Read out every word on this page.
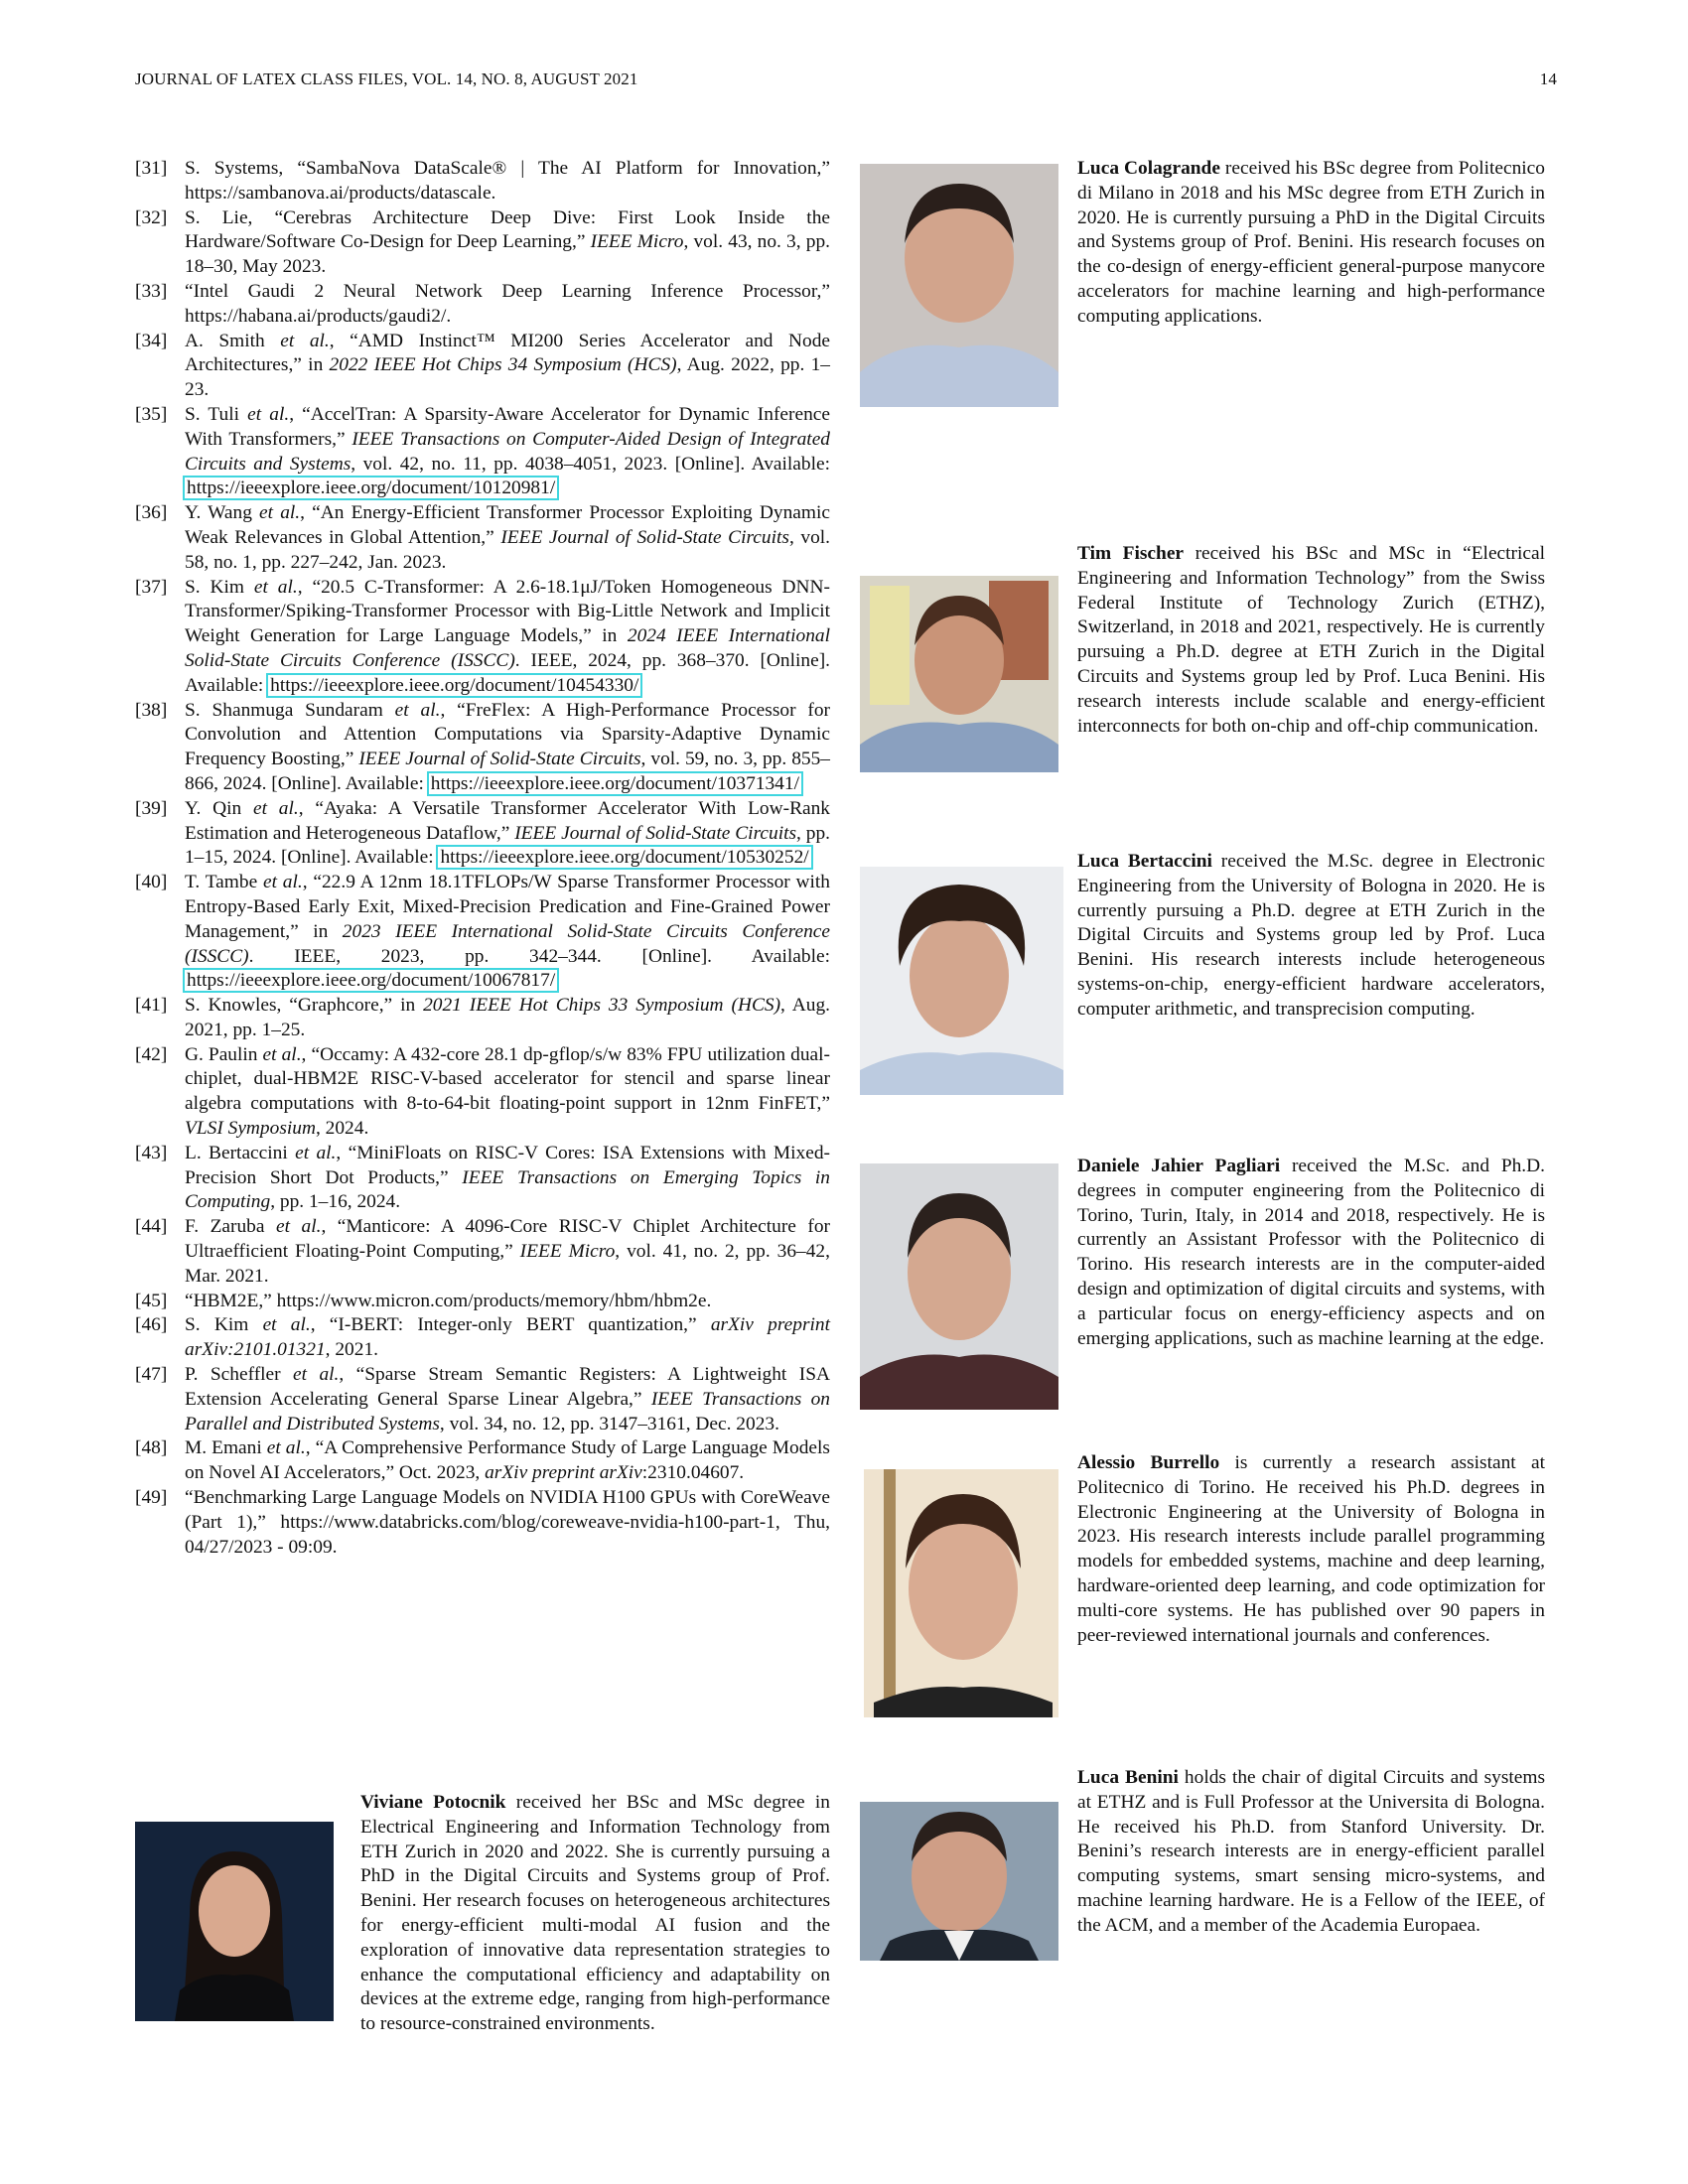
JOURNAL OF LATEX CLASS FILES, VOL. 14, NO. 8, AUGUST 2021	14
[31] S. Systems, “SambaNova DataScale® | The AI Platform for Innovation,” https://sambanova.ai/products/datascale.
[32] S. Lie, “Cerebras Architecture Deep Dive: First Look Inside the Hardware/Software Co-Design for Deep Learning,” IEEE Micro, vol. 43, no. 3, pp. 18–30, May 2023.
[33] “Intel Gaudi 2 Neural Network Deep Learning Inference Processor,” https://habana.ai/products/gaudi2/.
[34] A. Smith et al., “AMD Instinct™ MI200 Series Accelerator and Node Architectures,” in 2022 IEEE Hot Chips 34 Symposium (HCS), Aug. 2022, pp. 1–23.
[35] S. Tuli et al., “AccelTran: A Sparsity-Aware Accelerator for Dynamic Inference With Transformers,” IEEE Transactions on Computer-Aided Design of Integrated Circuits and Systems, vol. 42, no. 11, pp. 4038–4051, 2023. [Online]. Available: https://ieeexplore.ieee.org/document/10120981/
[36] Y. Wang et al., “An Energy-Efficient Transformer Processor Exploiting Dynamic Weak Relevances in Global Attention,” IEEE Journal of Solid-State Circuits, vol. 58, no. 1, pp. 227–242, Jan. 2023.
[37] S. Kim et al., “20.5 C-Transformer: A 2.6-18.1μJ/Token Homogeneous DNN-Transformer/Spiking-Transformer Processor with Big-Little Network and Implicit Weight Generation for Large Language Models,” in 2024 IEEE International Solid-State Circuits Conference (ISSCC). IEEE, 2024, pp. 368–370. [Online]. Available: https://ieeexplore.ieee.org/document/10454330/
[38] S. Shanmuga Sundaram et al., “FreFlex: A High-Performance Processor for Convolution and Attention Computations via Sparsity-Adaptive Dynamic Frequency Boosting,” IEEE Journal of Solid-State Circuits, vol. 59, no. 3, pp. 855–866, 2024. [Online]. Available: https://ieeexplore.ieee.org/document/10371341/
[39] Y. Qin et al., “Ayaka: A Versatile Transformer Accelerator With Low-Rank Estimation and Heterogeneous Dataflow,” IEEE Journal of Solid-State Circuits, pp. 1–15, 2024. [Online]. Available: https://ieeexplore.ieee.org/document/10530252/
[40] T. Tambe et al., “22.9 A 12nm 18.1TFLOPs/W Sparse Transformer Processor with Entropy-Based Early Exit, Mixed-Precision Predication and Fine-Grained Power Management,” in 2023 IEEE International Solid-State Circuits Conference (ISSCC). IEEE, 2023, pp. 342–344. [Online]. Available: https://ieeexplore.ieee.org/document/10067817/
[41] S. Knowles, “Graphcore,” in 2021 IEEE Hot Chips 33 Symposium (HCS), Aug. 2021, pp. 1–25.
[42] G. Paulin et al., “Occamy: A 432-core 28.1 dp-gflop/s/w 83% FPU utilization dual-chiplet, dual-HBM2E RISC-V-based accelerator for stencil and sparse linear algebra computations with 8-to-64-bit floating-point support in 12nm FinFET,” VLSI Symposium, 2024.
[43] L. Bertaccini et al., “MiniFloats on RISC-V Cores: ISA Extensions with Mixed-Precision Short Dot Products,” IEEE Transactions on Emerging Topics in Computing, pp. 1–16, 2024.
[44] F. Zaruba et al., “Manticore: A 4096-Core RISC-V Chiplet Architecture for Ultraefficient Floating-Point Computing,” IEEE Micro, vol. 41, no. 2, pp. 36–42, Mar. 2021.
[45] “HBM2E,” https://www.micron.com/products/memory/hbm/hbm2e.
[46] S. Kim et al., “I-BERT: Integer-only BERT quantization,” arXiv preprint arXiv:2101.01321, 2021.
[47] P. Scheffler et al., “Sparse Stream Semantic Registers: A Lightweight ISA Extension Accelerating General Sparse Linear Algebra,” IEEE Transactions on Parallel and Distributed Systems, vol. 34, no. 12, pp. 3147–3161, Dec. 2023.
[48] M. Emani et al., “A Comprehensive Performance Study of Large Language Models on Novel AI Accelerators,” Oct. 2023, arXiv preprint arXiv:2310.04607.
[49] “Benchmarking Large Language Models on NVIDIA H100 GPUs with CoreWeave (Part 1),” https://www.databricks.com/blog/coreweave-nvidia-h100-part-1, Thu, 04/27/2023 - 09:09.
Luca Colagrande received his BSc degree from Politecnico di Milano in 2018 and his MSc degree from ETH Zurich in 2020. He is currently pursuing a PhD in the Digital Circuits and Systems group of Prof. Benini. His research focuses on the co-design of energy-efficient general-purpose manycore accelerators for machine learning and high-performance computing applications.
Tim Fischer received his BSc and MSc in “Electrical Engineering and Information Technology” from the Swiss Federal Institute of Technology Zurich (ETHZ), Switzerland, in 2018 and 2021, respectively. He is currently pursuing a Ph.D. degree at ETH Zurich in the Digital Circuits and Systems group led by Prof. Luca Benini. His research interests include scalable and energy-efficient interconnects for both on-chip and off-chip communication.
Luca Bertaccini received the M.Sc. degree in Electronic Engineering from the University of Bologna in 2020. He is currently pursuing a Ph.D. degree at ETH Zurich in the Digital Circuits and Systems group led by Prof. Luca Benini. His research interests include heterogeneous systems-on-chip, energy-efficient hardware accelerators, computer arithmetic, and transprecision computing.
Daniele Jahier Pagliari received the M.Sc. and Ph.D. degrees in computer engineering from the Politecnico di Torino, Turin, Italy, in 2014 and 2018, respectively. He is currently an Assistant Professor with the Politecnico di Torino. His research interests are in the computer-aided design and optimization of digital circuits and systems, with a particular focus on energy-efficiency aspects and on emerging applications, such as machine learning at the edge.
Alessio Burrello is currently a research assistant at Politecnico di Torino. He received his Ph.D. degrees in Electronic Engineering at the University of Bologna in 2023. His research interests include parallel programming models for embedded systems, machine and deep learning, hardware-oriented deep learning, and code optimization for multi-core systems. He has published over 90 papers in peer-reviewed international journals and conferences.
Luca Benini holds the chair of digital Circuits and systems at ETHZ and is Full Professor at the Universita di Bologna. He received his Ph.D. from Stanford University. Dr. Benini’s research interests are in energy-efficient parallel computing systems, smart sensing micro-systems, and machine learning hardware. He is a Fellow of the IEEE, of the ACM, and a member of the Academia Europaea.
Viviane Potocnik received her BSc and MSc degree in Electrical Engineering and Information Technology from ETH Zurich in 2020 and 2022. She is currently pursuing a PhD in the Digital Circuits and Systems group of Prof. Benini. Her research focuses on heterogeneous architectures for energy-efficient multi-modal AI fusion and the exploration of innovative data representation strategies to enhance the computational efficiency and adaptability on devices at the extreme edge, ranging from high-performance to resource-constrained environments.
